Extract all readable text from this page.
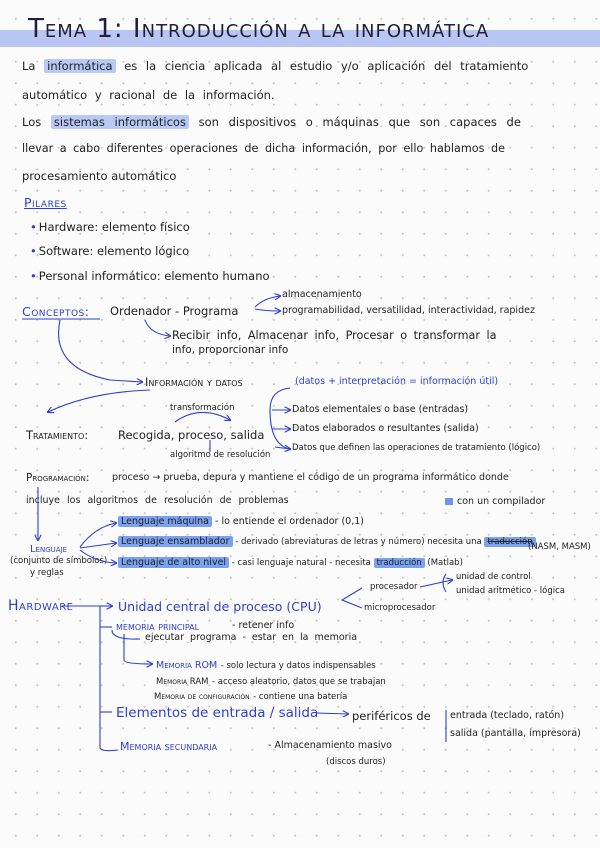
Tema 1: Introducción a la informática
La informática es la ciencia aplicada al estudio y/o aplicación del tratamiento
automático y racional de la información.
Los sistemas informáticos son dispositivos o máquinas que son capaces de
llevar a cabo diferentes operaciones de dicha información, por ello hablamos de
procesamiento automático
Pilares
• Hardware: elemento físico
• Software: elemento lógico
• Personal informático: elemento humano
Conceptos: Ordenador - Programa
almacenamiento
programabilidad, versatilidad, interactividad, rapidez
Recibir info, Almacenar info, Procesar o transformar la
info, proporcionar info
Información y datos	(datos + interpretación = información útil)
transformación
Tratamiento:	Recogida, proceso, salida
algoritmo de resolución
Datos elementales o base (entradas)
Datos elaborados o resultantes (salida)
Datos que definen las operaciones de tratamiento (lógico)
Programación: proceso → prueba, depura y mantiene el código de un programa informático donde
incluye los algoritmos de resolución de problemas	con un compilador
Lenguaje
(conjunto de símbolos)
y reglas
Lenguaje máquina - lo entiende el ordenador (0,1)
Lenguaje ensamblador - derivado (abreviaturas de letras y número) necesita una traducción
(NASM, MASM)
Lenguaje de alto nivel - casi lenguaje natural - necesita traducción (Matlab)
Hardware	Unidad central de proceso (CPU)
procesador
microprocesador
unidad de control
unidad aritmético - lógica
memoria principal	- retener info
ejecutar programa - estar en la memoria
Memoria ROM - solo lectura y datos indispensables
Memoria RAM - acceso aleatorio, datos que se trabajan
Memoria de configuración - contiene una batería
Elementos de entrada / salida	periféricos de entrada (teclado, ratón)
salida (pantalla, impresora)
Memoria secundaria	- Almacenamiento masivo
(discos duros)
